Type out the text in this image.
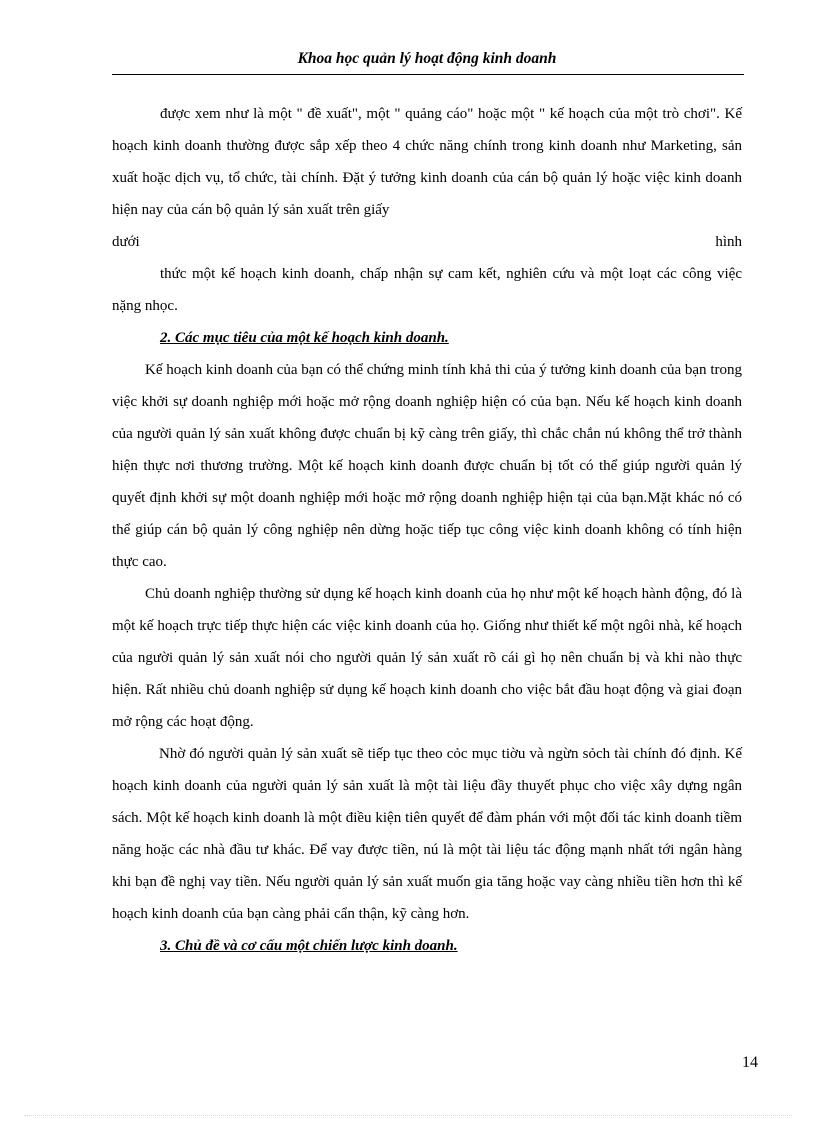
Khoa học quản lý hoạt động kinh doanh

được xem như là một " đề xuất", một " quảng cáo" hoặc một " kế hoạch của một trò chơi". Kế hoạch kinh doanh thường được sắp xếp theo 4 chức năng chính trong kinh doanh như Marketing, sản xuất hoặc dịch vụ, tổ chức, tài chính. Đặt ý tưởng kinh doanh của cán bộ quản lý hoặc việc kinh doanh hiện nay của cán bộ quản lý sản xuất trên giấy

dưới	hình

thức một kế hoạch kinh doanh, chấp nhận sự cam kết, nghiên cứu và một loạt các công việc nặng nhọc.

2. Các mục tiêu của một kế hoạch kinh doanh.

Kế hoạch kinh doanh của bạn có thể chứng minh tính khả thi của ý tưởng kinh doanh của bạn trong việc khởi sự doanh nghiệp mới hoặc mở rộng doanh nghiệp hiện có của bạn. Nếu kế hoạch kinh doanh của người quản lý sản xuất không được chuẩn bị kỹ càng trên giấy, thì chắc chắn nú không thể trở thành hiện thực nơi thương trường. Một kế hoạch kinh doanh được chuẩn bị tốt có thể giúp người quản lý quyết định khởi sự một doanh nghiệp mới hoặc mở rộng doanh nghiệp hiện tại của bạn.Mặt khác nó có thể giúp cán bộ quản lý công nghiệp nên dừng hoặc tiếp tục công việc kinh doanh không có tính hiện thực cao.

Chủ doanh nghiệp thường sử dụng kế hoạch kinh doanh của họ như một kế hoạch hành động, đó là một kế hoạch trực tiếp thực hiện các việc kinh doanh của họ. Giống như thiết kế một ngôi nhà, kế hoạch của người quản lý sản xuất nói cho người quản lý sản xuất rõ cái gì họ nên chuẩn bị và khi nào thực hiện. Rất nhiều chủ doanh nghiệp sử dụng kế hoạch kinh doanh cho việc bắt đầu hoạt động và giai đoạn mở rộng các hoạt động.

Nhờ đó người quản lý sản xuất sẽ tiếp tục theo cỏc mục tiờu và ngừn sỏch tài chính đó định. Kế hoạch kinh doanh của người quản lý sản xuất là một tài liệu đầy thuyết phục cho việc xây dựng ngân sách. Một kế hoạch kinh doanh là một điều kiện tiên quyết để đàm phán với một đối tác kinh doanh tiềm năng hoặc các nhà đầu tư khác. Để vay được tiền, nú là một tài liệu tác động mạnh nhất tới ngân hàng khi bạn đề nghị vay tiền. Nếu người quản lý sản xuất muốn gia tăng hoặc vay càng nhiều tiền hơn thì kế hoạch kinh doanh của bạn càng phải cẩn thận, kỹ càng hơn.

3. Chủ đề và cơ cấu một chiến lược kinh doanh.

14
